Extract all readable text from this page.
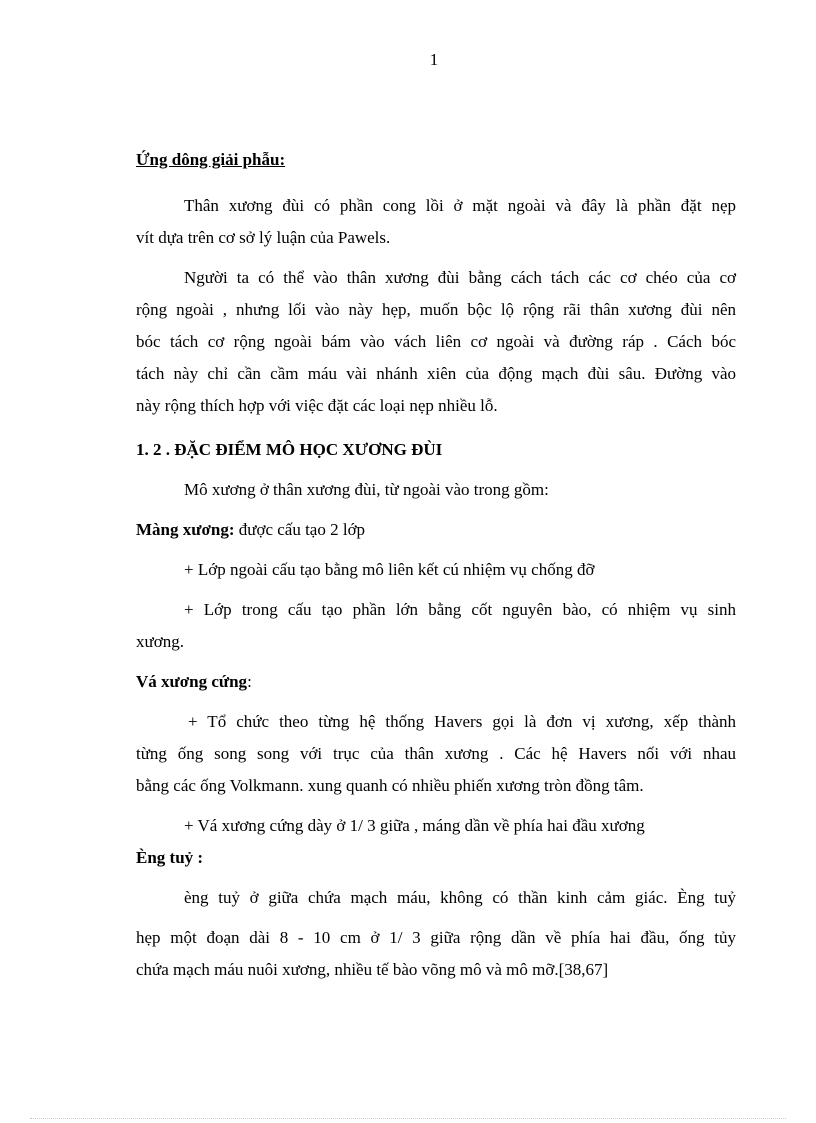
1
Ứng dông giải phẫu:
Thân xương đùi có phần cong lồi ở mặt ngoài và đây là phần đặt nẹp
vít dựa trên cơ sở lý luận của Pawels.
Người ta có thể vào thân xương đùi bằng cách tách các cơ chéo của cơ
rộng ngoài , nhưng lối vào này hẹp, muốn bộc lộ rộng rãi thân xương đùi nên
bóc tách cơ rộng ngoài bám vào vách liên cơ ngoài và đường ráp . Cách bóc
tách này chỉ cần cầm máu vài nhánh xiên của động mạch đùi sâu. Đường vào
này rộng thích hợp với việc đặt các loại nẹp nhiều lỗ.
1. 2 . ĐẶC ĐIỂM MÔ HỌC XƯƠNG ĐÙI
Mô xương ở thân xương đùi, từ ngoài vào trong gồm:
Màng xương: được cấu tạo 2 lớp
+ Lớp ngoài cấu tạo bằng mô liên kết cú nhiệm vụ chống đỡ
+ Lớp trong cấu tạo phần lớn bằng cốt nguyên bào, có nhiệm vụ sinh
xương.
Vá xương cứng:
+ Tổ chức theo từng hệ thống Havers gọi là đơn vị xương, xếp thành
từng ống song song với trục của thân xương . Các hệ Havers nối với nhau
bằng các ống Volkmann. xung quanh có nhiều phiến xương tròn đồng tâm.
+ Vá xương cứng dày ở 1/ 3 giữa , máng dần về phía hai đầu xương
Èng tuỷ :
èng tuỷ ở giữa chứa mạch máu, không có thần kinh cảm giác. Èng tuỷ
hẹp một đoạn dài 8 - 10 cm ở 1/ 3 giữa rộng dần về phía hai đầu, ống tủy
chứa mạch máu nuôi xương, nhiều tế bào võng mô và mô mỡ.[38,67]
